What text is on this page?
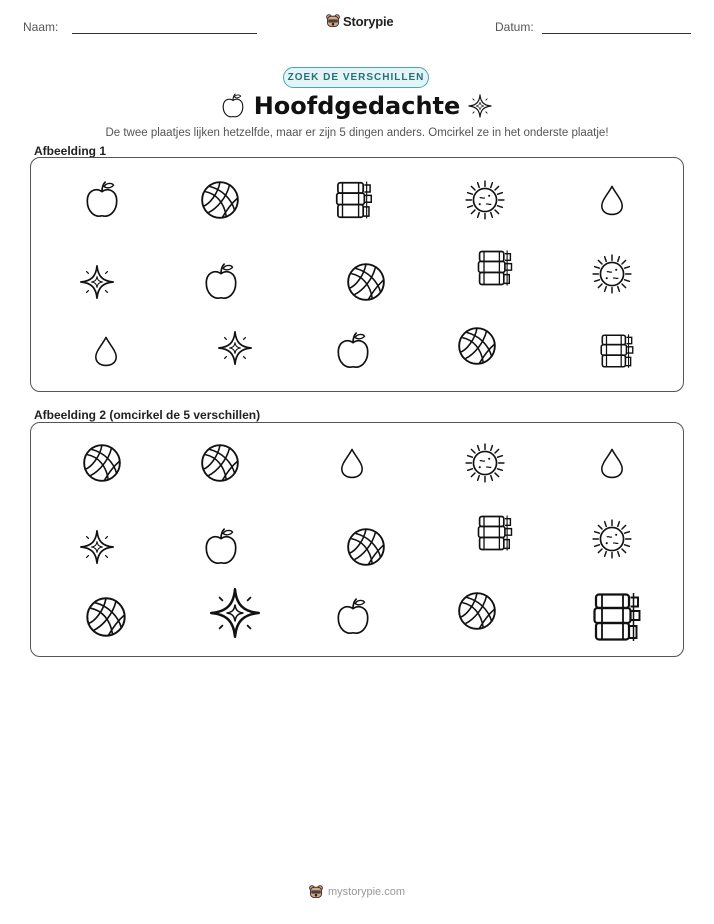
Naam:	Storypie	Datum:
ZOEK DE VERSCHILLEN
Hoofdgedachte
De twee plaatjes lijken hetzelfde, maar er zijn 5 dingen anders. Omcirkel ze in het onderste plaatje!
Afbeelding 1
Afbeelding 2 (omcirkel de 5 verschillen)
mystorypie.com
